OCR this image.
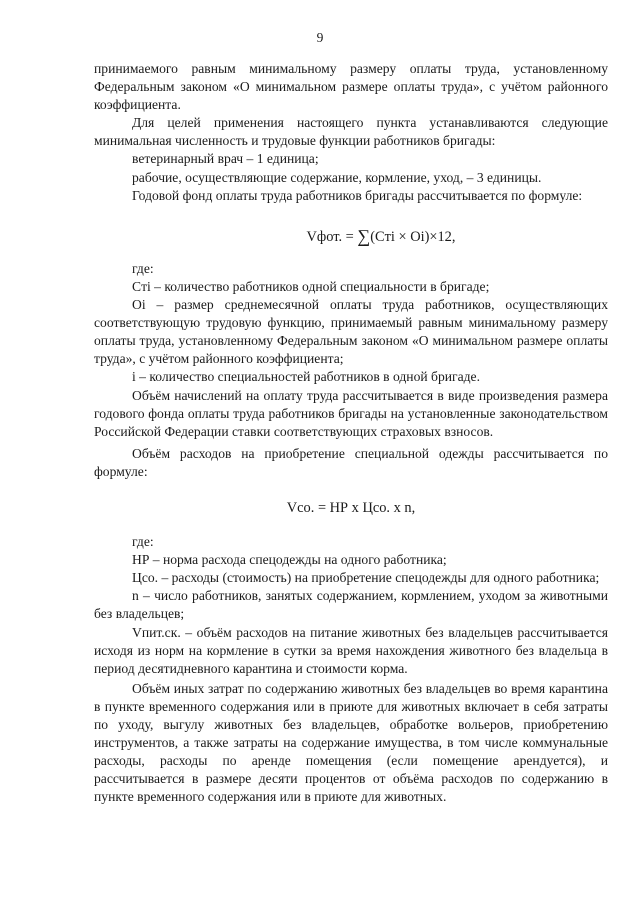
9

принимаемого равным минимальному размеру оплаты труда, установленному Федеральным законом «О минимальном размере оплаты труда», с учётом районного коэффициента.

Для целей применения настоящего пункта устанавливаются следующие минимальная численность и трудовые функции работников бригады:

ветеринарный врач – 1 единица;

рабочие, осуществляющие содержание, кормление, уход, – 3 единицы.

Годовой фонд оплаты труда работников бригады рассчитывается по формуле:

Vфот. = ∑(Cтi × Oi)×12,

где:

Cтi – количество работников одной специальности в бригаде;

Oi – размер среднемесячной оплаты труда работников, осуществляющих соответствующую трудовую функцию, принимаемый равным минимальному размеру оплаты труда, установленному Федеральным законом «О минимальном размере оплаты труда», с учётом районного коэффициента;

i – количество специальностей работников в одной бригаде.

Объём начислений на оплату труда рассчитывается в виде произведения размера годового фонда оплаты труда работников бригады на установленные законодательством Российской Федерации ставки соответствующих страховых взносов.

Объём расходов на приобретение специальной одежды рассчитывается по формуле:

Vсо. = НР х Цсо. х n,

где:

НР – норма расхода спецодежды на одного работника;

Цсо. – расходы (стоимость) на приобретение спецодежды для одного работника;

n – число работников, занятых содержанием, кормлением, уходом за животными без владельцев;

Vпит.ск. – объём расходов на питание животных без владельцев рассчитывается исходя из норм на кормление в сутки за время нахождения животного без владельца в период десятидневного карантина и стоимости корма.

Объём иных затрат по содержанию животных без владельцев во время карантина в пункте временного содержания или в приюте для животных включает в себя затраты по уходу, выгулу животных без владельцев, обработке вольеров, приобретению инструментов, а также затраты на содержание имущества, в том числе коммунальные расходы, расходы по аренде помещения (если помещение арендуется), и рассчитывается в размере десяти процентов от объёма расходов по содержанию в пункте временного содержания или в приюте для животных.
